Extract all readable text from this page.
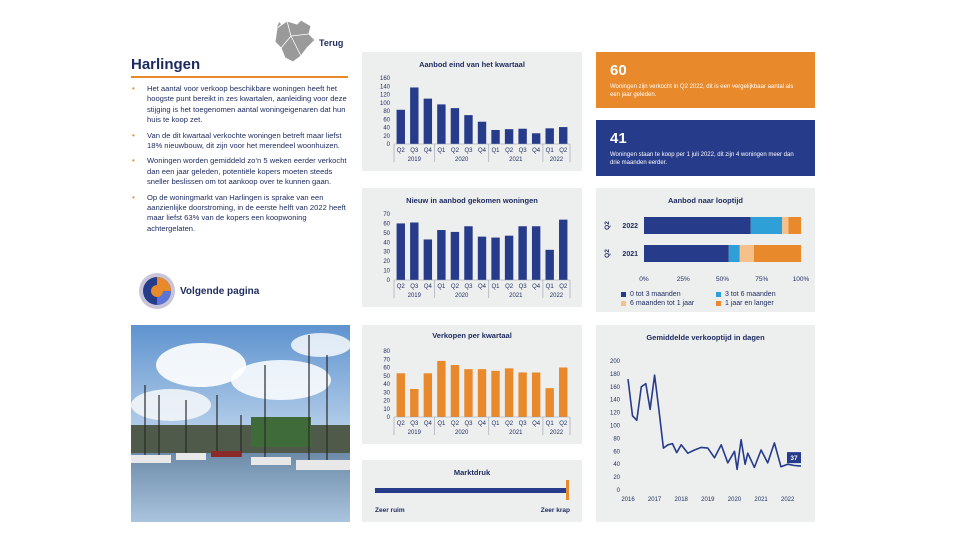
Terug
Harlingen
• Het aantal voor verkoop beschikbare woningen heeft het hoogste punt bereikt in zes kwartalen, aanleiding voor deze stijging is het toegenomen aantal woningeigenaren dat hun huis te koop zet.
• Van de dit kwartaal verkochte woningen betreft maar liefst 18% nieuwbouw, dit zijn voor het merendeel woonhuizen.
• Woningen worden gemiddeld zo’n 5 weken eerder verkocht dan een jaar geleden, potentiële kopers moeten steeds sneller beslissen om tot aankoop over te kunnen gaan.
• Op de woningmarkt van Harlingen is sprake van een aanzienlijke doorstroming, in de eerste helft van 2022 heeft maar liefst 63% van de kopers een koopwoning achtergelaten.
Volgende pagina
Aanbod eind van het kwartaal
0
20
40
60
80
100
120
140
160
Q2 Q3 Q4 Q1 Q2 Q3 Q4 Q1 Q2 Q3 Q4 Q1 Q2
2019	2020	2021	2022
Nieuw in aanbod gekomen woningen
0
10
20
30
40
50
60
70
Q2 Q3 Q4 Q1 Q2 Q3 Q4 Q1 Q2 Q3 Q4 Q1 Q2
2019	2020	2021	2022
Verkopen per kwartaal
0
10
20
30
40
50
60
70
80
Q2 Q3 Q4 Q1 Q2 Q3 Q4 Q1 Q2 Q3 Q4 Q1 Q2
2019	2020	2021	2022
Marktdruk
Zeer ruim	Zeer krap
60
Woningen zijn verkocht in Q2 2022, dit is een vergelijkbaar aantal als een jaar geleden.
41
Woningen staan te koop per 1 juli 2022, dit zijn 4 woningen meer dan drie maanden eerder.
Aanbod naar looptijd
2022
Q2
2021
Q2
0%	25%	50%	75%	100%
0 tot 3 maanden	3 tot 6 maanden
6 maanden tot 1 jaar	1 jaar en langer
Gemiddelde verkooptijd in dagen
0
20
40
60
80
100
120
140
160
180
200
2016 2017 2018 2019 2020 2021 2022
37
